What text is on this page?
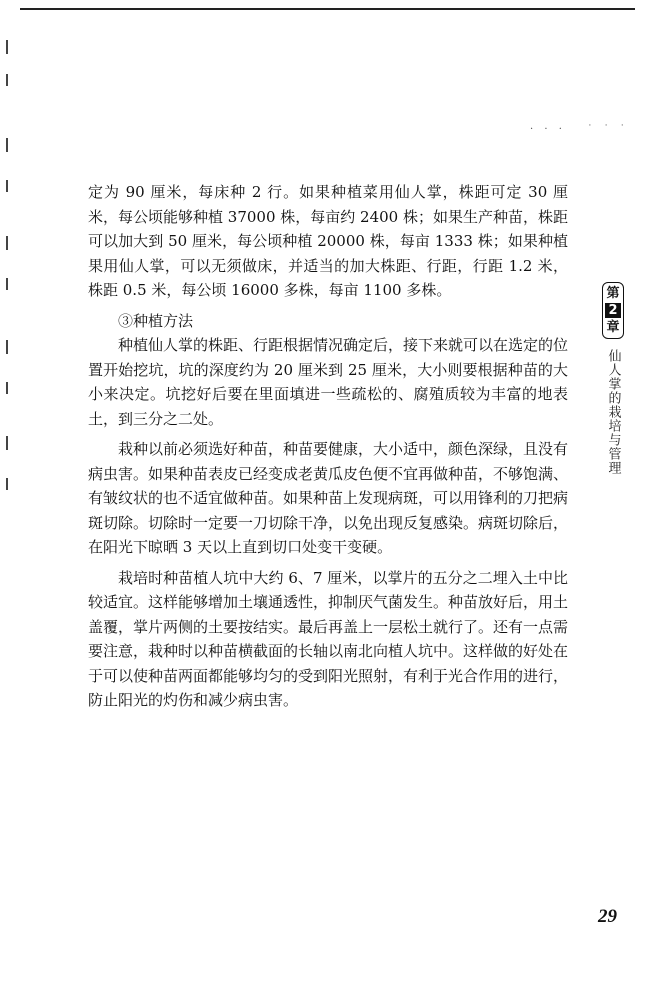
· · ·   ˙ ˙ ˙

定为 90 厘米，每床种 2 行。如果种植菜用仙人掌，株距可定 30 厘米，每公顷能够种植 37000 株，每亩约 2400 株；如果生产种苗，株距可以加大到 50 厘米，每公顷种植 20000 株，每亩 1333 株；如果种植果用仙人掌，可以无须做床，并适当的加大株距、行距，行距 1.2 米，株距 0.5 米，每公顷 16000 多株，每亩 1100 多株。

③种植方法

种植仙人掌的株距、行距根据情况确定后，接下来就可以在选定的位置开始挖坑，坑的深度约为 20 厘米到 25 厘米，大小则要根据种苗的大小来决定。坑挖好后要在里面填进一些疏松的、腐殖质较为丰富的地表土，到三分之二处。

栽种以前必须选好种苗，种苗要健康，大小适中，颜色深绿，且没有病虫害。如果种苗表皮已经变成老黄瓜皮色便不宜再做种苗，不够饱满、有皱纹状的也不适宜做种苗。如果种苗上发现病斑，可以用锋利的刀把病斑切除。切除时一定要一刀切除干净，以免出现反复感染。病斑切除后，在阳光下晾晒 3 天以上直到切口处变干变硬。

栽培时种苗植人坑中大约 6、7 厘米，以掌片的五分之二埋入土中比较适宜。这样能够增加土壤通透性，抑制厌气菌发生。种苗放好后，用土盖覆，掌片两侧的土要按结实。最后再盖上一层松土就行了。还有一点需要注意，栽种时以种苗横截面的长轴以南北向植人坑中。这样做的好处在于可以使种苗两面都能够均匀的受到阳光照射，有利于光合作用的进行，防止阳光的灼伤和减少病虫害。

第
2
章
仙人掌的栽培与管理
29
